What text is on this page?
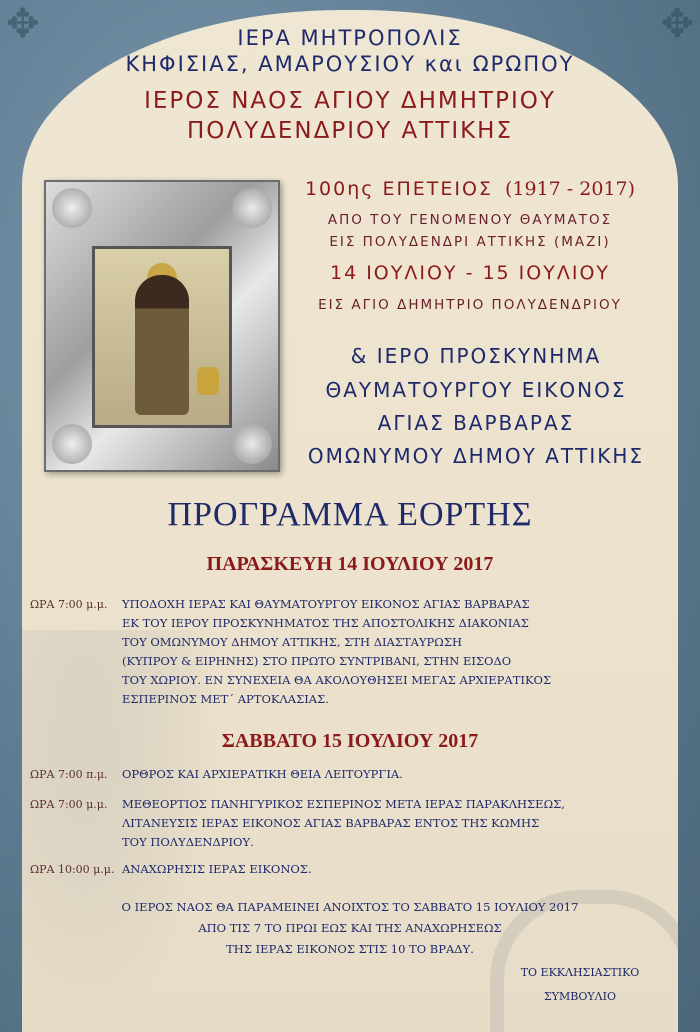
✥	✥
ΙΕΡΑ ΜΗΤΡΟΠΟΛΙΣ
ΚΗΦΙΣΙΑΣ, ΑΜΑΡΟΥΣΙΟΥ και ΩΡΩΠΟΥ
ΙΕΡΟΣ ΝΑΟΣ ΑΓΙΟΥ ΔΗΜΗΤΡΙΟΥ
ΠΟΛΥΔΕΝΔΡΙΟΥ ΑΤΤΙΚΗΣ
100ης ΕΠΕΤΕΙΟΣ (1917 - 2017)
ΑΠΟ ΤΟΥ ΓΕΝΟΜΕΝΟΥ ΘΑΥΜΑΤΟΣ
ΕΙΣ ΠΟΛΥΔΕΝΔΡΙ ΑΤΤΙΚΗΣ (ΜΑΖΙ)
14 ΙΟΥΛΙΟΥ - 15 ΙΟΥΛΙΟΥ
ΕΙΣ ΑΓΙΟ ΔΗΜΗΤΡΙΟ ΠΟΛΥΔΕΝΔΡΙΟΥ
& ΙΕΡΟ ΠΡΟΣΚΥΝΗΜΑ
ΘΑΥΜΑΤΟΥΡΓΟΥ ΕΙΚΟΝΟΣ
ΑΓΙΑΣ ΒΑΡΒΑΡΑΣ
ΟΜΩΝΥΜΟΥ ΔΗΜΟΥ ΑΤΤΙΚΗΣ
ΠΡΟΓΡΑΜΜΑ ΕΟΡΤΗΣ
ΠΑΡΑΣΚΕΥΗ 14 ΙΟΥΛΙΟΥ 2017
ΩΡΑ 7:00 μ.μ. ΥΠΟΔΟΧΗ ΙΕΡΑΣ ΚΑΙ ΘΑΥΜΑΤΟΥΡΓΟΥ ΕΙΚΟΝΟΣ ΑΓΙΑΣ ΒΑΡΒΑΡΑΣ
ΕΚ ΤΟΥ ΙΕΡΟΥ ΠΡΟΣΚΥΝΗΜΑΤΟΣ ΤΗΣ ΑΠΟΣΤΟΛΙΚΗΣ ΔΙΑΚΟΝΙΑΣ
ΤΟΥ ΟΜΩΝΥΜΟΥ ΔΗΜΟΥ ΑΤΤΙΚΗΣ, ΣΤΗ ΔΙΑΣΤΑΥΡΩΣΗ
(ΚΥΠΡΟΥ & ΕΙΡΗΝΗΣ) ΣΤΟ ΠΡΩΤΟ ΣΥΝΤΡΙΒΑΝΙ, ΣΤΗΝ ΕΙΣΟΔΟ
ΤΟΥ ΧΩΡΙΟΥ. ΕΝ ΣΥΝΕΧΕΙΑ ΘΑ ΑΚΟΛΟΥΘΗΣΕΙ ΜΕΓΑΣ ΑΡΧΙΕΡΑΤΙΚΟΣ
ΕΣΠΕΡΙΝΟΣ ΜΕΤ΄ ΑΡΤΟΚΛΑΣΙΑΣ.
ΣΑΒΒΑΤΟ 15 ΙΟΥΛΙΟΥ 2017
ΩΡΑ 7:00 π.μ. ΟΡΘΡΟΣ ΚΑΙ ΑΡΧΙΕΡΑΤΙΚΗ ΘΕΙΑ ΛΕΙΤΟΥΡΓΙΑ.
ΩΡΑ 7:00 μ.μ. ΜΕΘΕΟΡΤΙΟΣ ΠΑΝΗΓΥΡΙΚΟΣ ΕΣΠΕΡΙΝΟΣ ΜΕΤΑ ΙΕΡΑΣ ΠΑΡΑΚΛΗΣΕΩΣ,
ΛΙΤΑΝΕΥΣΙΣ ΙΕΡΑΣ ΕΙΚΟΝΟΣ ΑΓΙΑΣ ΒΑΡΒΑΡΑΣ ΕΝΤΟΣ ΤΗΣ ΚΩΜΗΣ
ΤΟΥ ΠΟΛΥΔΕΝΔΡΙΟΥ.
ΩΡΑ 10:00 μ.μ. ΑΝΑΧΩΡΗΣΙΣ ΙΕΡΑΣ ΕΙΚΟΝΟΣ.
Ο ΙΕΡΟΣ ΝΑΟΣ ΘΑ ΠΑΡΑΜΕΙΝΕΙ ΑΝΟΙΧΤΟΣ ΤΟ ΣΑΒΒΑΤΟ 15 ΙΟΥΛΙΟΥ 2017
ΑΠΟ ΤΙΣ 7 ΤΟ ΠΡΩΙ ΕΩΣ ΚΑΙ ΤΗΣ ΑΝΑΧΩΡΗΣΕΩΣ
ΤΗΣ ΙΕΡΑΣ ΕΙΚΟΝΟΣ ΣΤΙΣ 10 ΤΟ ΒΡΑΔΥ.
ΤΟ ΕΚΚΛΗΣΙΑΣΤΙΚΟ
ΣΥΜΒΟΥΛΙΟ
